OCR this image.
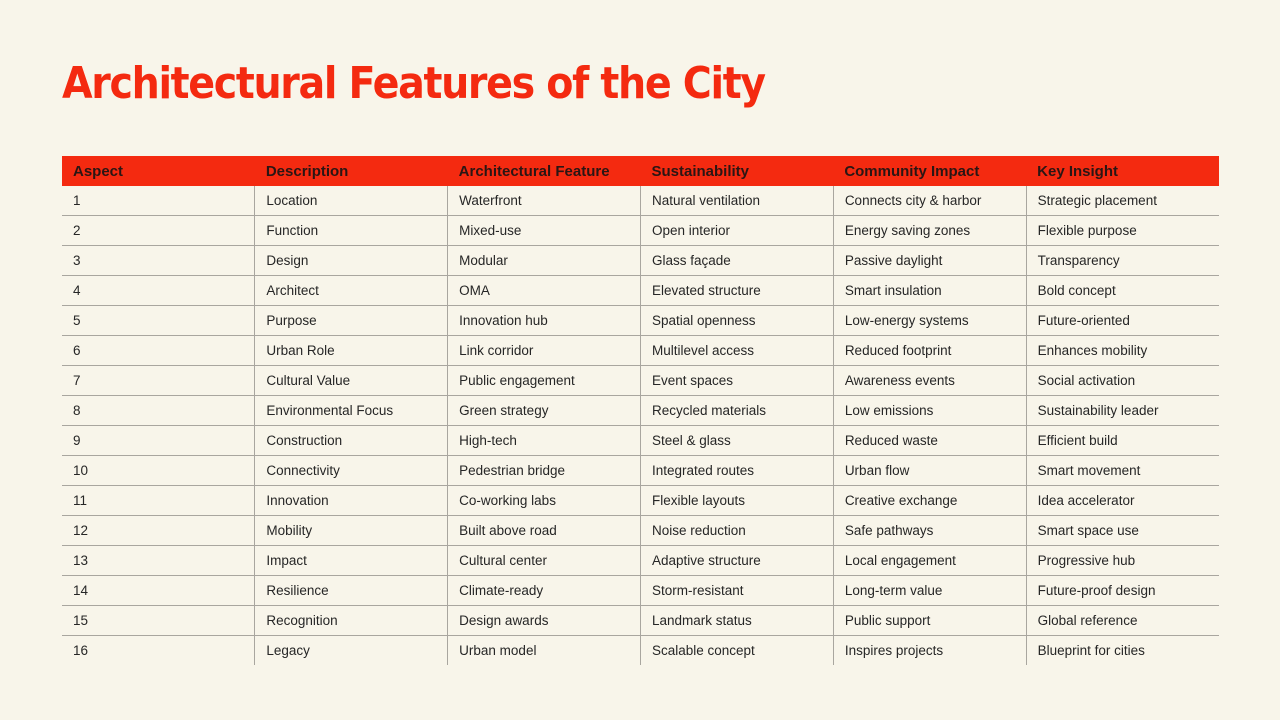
Architectural Features of the City
Aspect	Description	Architectural Feature	Sustainability	Community Impact	Key Insight
1	Location	Waterfront	Natural ventilation	Connects city & harbor	Strategic placement
2	Function	Mixed-use	Open interior	Energy saving zones	Flexible purpose
3	Design	Modular	Glass façade	Passive daylight	Transparency
4	Architect	OMA	Elevated structure	Smart insulation	Bold concept
5	Purpose	Innovation hub	Spatial openness	Low-energy systems	Future-oriented
6	Urban Role	Link corridor	Multilevel access	Reduced footprint	Enhances mobility
7	Cultural Value	Public engagement	Event spaces	Awareness events	Social activation
8	Environmental Focus	Green strategy	Recycled materials	Low emissions	Sustainability leader
9	Construction	High-tech	Steel & glass	Reduced waste	Efficient build
10	Connectivity	Pedestrian bridge	Integrated routes	Urban flow	Smart movement
11	Innovation	Co-working labs	Flexible layouts	Creative exchange	Idea accelerator
12	Mobility	Built above road	Noise reduction	Safe pathways	Smart space use
13	Impact	Cultural center	Adaptive structure	Local engagement	Progressive hub
14	Resilience	Climate-ready	Storm-resistant	Long-term value	Future-proof design
15	Recognition	Design awards	Landmark status	Public support	Global reference
16	Legacy	Urban model	Scalable concept	Inspires projects	Blueprint for cities
